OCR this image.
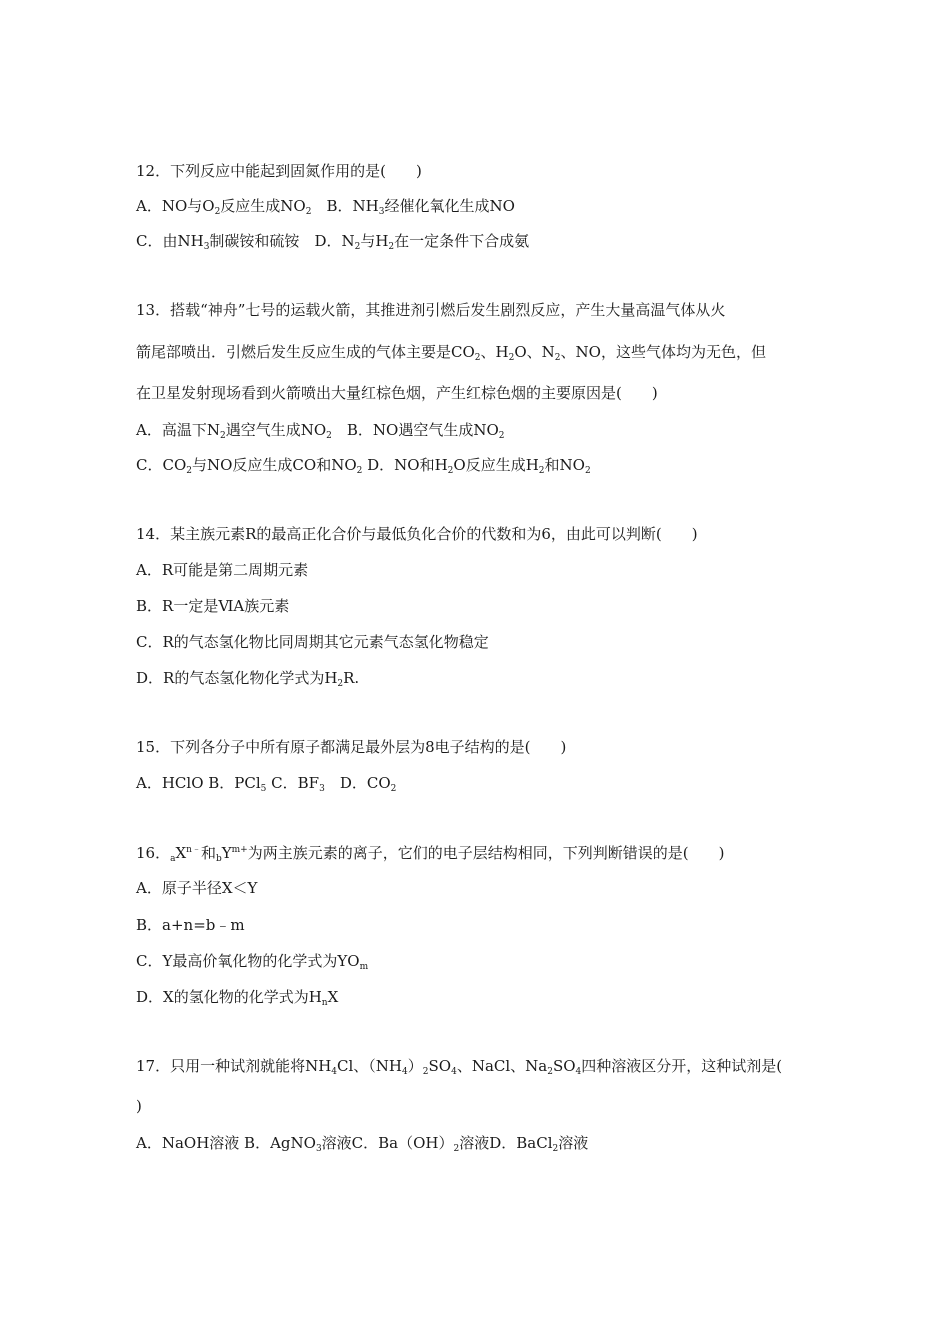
12．下列反应中能起到固氮作用的是(　　)
A．NO与$O_2$反应生成$NO_2$　B．$NH_3$经催化氧化生成NO
C．由$NH_3$制碳铵和硫铵　D．$N_2$与$H_2$在一定条件下合成氨
13．搭载“神舟”七号的运载火箭，其推进剂引燃后发生剧烈反应，产生大量高温气体从火
箭尾部喷出．引燃后发生反应生成的气体主要是$CO_2$、$H_2O$、$N_2$、NO，这些气体均为无色，但
在卫星发射现场看到火箭喷出大量红棕色烟，产生红棕色烟的主要原因是(　　)
A．高温下$N_2$遇空气生成$NO_2$　B．NO遇空气生成$NO_2$
C．$CO_2$与NO反应生成CO和$NO_2$ D．NO和$H_2O$反应生成$H_2$和$NO_2$
14．某主族元素R的最高正化合价与最低负化合价的代数和为6，由此可以判断(　　)
A．R可能是第二周期元素
B．R一定是ⅥA族元素
C．R的气态氢化物比同周期其它元素气态氢化物稳定
D．R的气态氢化物化学式为$H_2R$.
15．下列各分子中所有原子都满足最外层为8电子结构的是(　　)
A．HClO B．PCl$_5$ C．$BF_3$　D．$CO_2$
16．$_aX^{n﹣}$和$_bY^{m+}$为两主族元素的离子，它们的电子层结构相同，下列判断错误的是(　　)
A．原子半径X＜Y
B．a+n=b﹣m
C．Y最高价氧化物的化学式为$YO_m$
D．X的氢化物的化学式为$H_nX$
17．只用一种试剂就能将$NH_4Cl$、$(NH_4)_2SO_4$、NaCl、$Na_2SO_4$四种溶液区分开，这种试剂是(
)
A．NaOH溶液 B．AgNO$_3$溶液C．$Ba(OH)_2$溶液D．BaCl$_2$溶液
